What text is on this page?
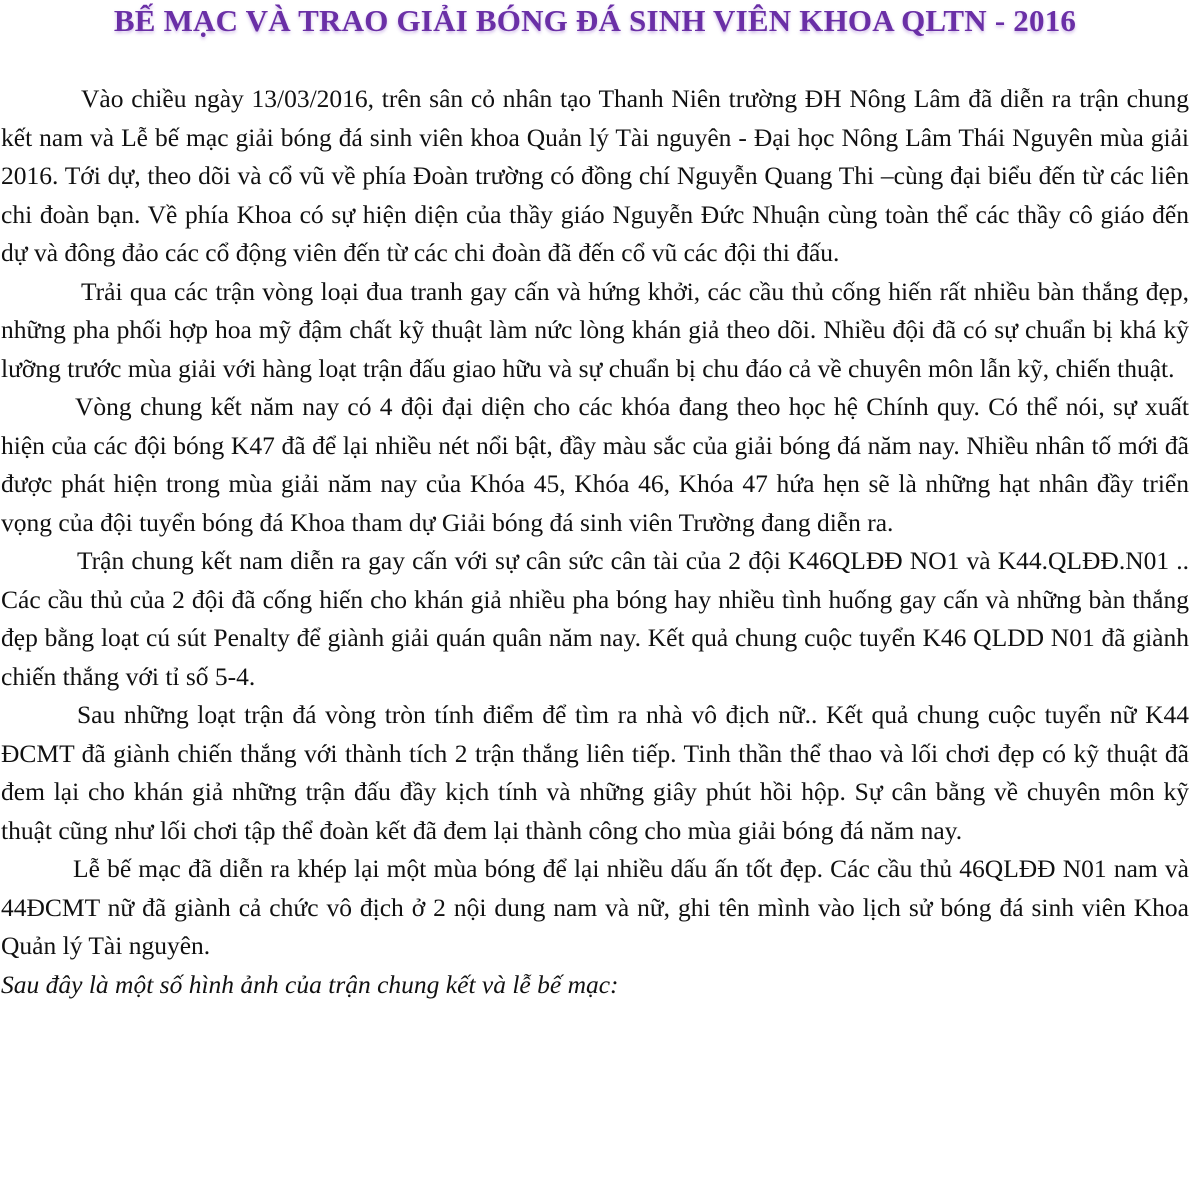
BẾ MẠC VÀ TRAO GIẢI BÓNG ĐÁ SINH VIÊN KHOA QLTN - 2016

Vào chiều ngày 13/03/2016, trên sân cỏ nhân tạo Thanh Niên trường ĐH Nông Lâm đã diễn ra trận chung kết nam và Lễ bế mạc giải bóng đá sinh viên khoa Quản lý Tài nguyên - Đại học Nông Lâm Thái Nguyên mùa giải 2016. Tới dự, theo dõi và cổ vũ về phía Đoàn trường có đồng chí Nguyễn Quang Thi –cùng đại biểu đến từ các liên chi đoàn bạn. Về phía Khoa có sự hiện diện của thầy giáo Nguyễn Đức Nhuận cùng toàn thể các thầy cô giáo đến dự và đông đảo các cổ động viên đến từ các chi đoàn đã đến cổ vũ các đội thi đấu.

Trải qua các trận vòng loại đua tranh gay cấn và hứng khởi, các cầu thủ cống hiến rất nhiều bàn thắng đẹp, những pha phối hợp hoa mỹ đậm chất kỹ thuật làm nức lòng khán giả theo dõi. Nhiều đội đã có sự chuẩn bị khá kỹ lưỡng trước mùa giải với hàng loạt trận đấu giao hữu và sự chuẩn bị chu đáo cả về chuyên môn lẫn kỹ, chiến thuật.

Vòng chung kết năm nay có 4 đội đại diện cho các khóa đang theo học hệ Chính quy. Có thể nói, sự xuất hiện của các đội bóng K47 đã để lại nhiều nét nổi bật, đầy màu sắc của giải bóng đá năm nay. Nhiều nhân tố mới đã được phát hiện trong mùa giải năm nay của Khóa 45, Khóa 46, Khóa 47 hứa hẹn sẽ là những hạt nhân đầy triển vọng của đội tuyển bóng đá Khoa tham dự Giải bóng đá sinh viên Trường đang diễn ra.

Trận chung kết nam diễn ra gay cấn với sự cân sức cân tài của 2 đội K46QLĐĐ NO1 và K44.QLĐĐ.N01 .. Các cầu thủ của 2 đội đã cống hiến cho khán giả nhiều pha bóng hay nhiều tình huống gay cấn và những bàn thắng đẹp bằng loạt cú sút Penalty để giành giải quán quân năm nay. Kết quả chung cuộc tuyển K46 QLDD N01 đã giành chiến thắng với tỉ số 5-4.

Sau những loạt trận đá vòng tròn tính điểm để tìm ra nhà vô địch nữ.. Kết quả chung cuộc tuyển nữ K44 ĐCMT đã giành chiến thắng với thành tích 2 trận thắng liên tiếp. Tinh thần thể thao và lối chơi đẹp có kỹ thuật đã đem lại cho khán giả những trận đấu đầy kịch tính và những giây phút hồi hộp. Sự cân bằng về chuyên môn kỹ thuật cũng như lối chơi tập thể đoàn kết đã đem lại thành công cho mùa giải bóng đá năm nay.

Lễ bế mạc đã diễn ra khép lại một mùa bóng để lại nhiều dấu ấn tốt đẹp. Các cầu thủ 46QLĐĐ N01 nam và 44ĐCMT nữ đã giành cả chức vô địch ở 2 nội dung nam và nữ, ghi tên mình vào lịch sử bóng đá sinh viên Khoa Quản lý Tài nguyên.

Sau đây là một số hình ảnh của trận chung kết và lễ bế mạc:
